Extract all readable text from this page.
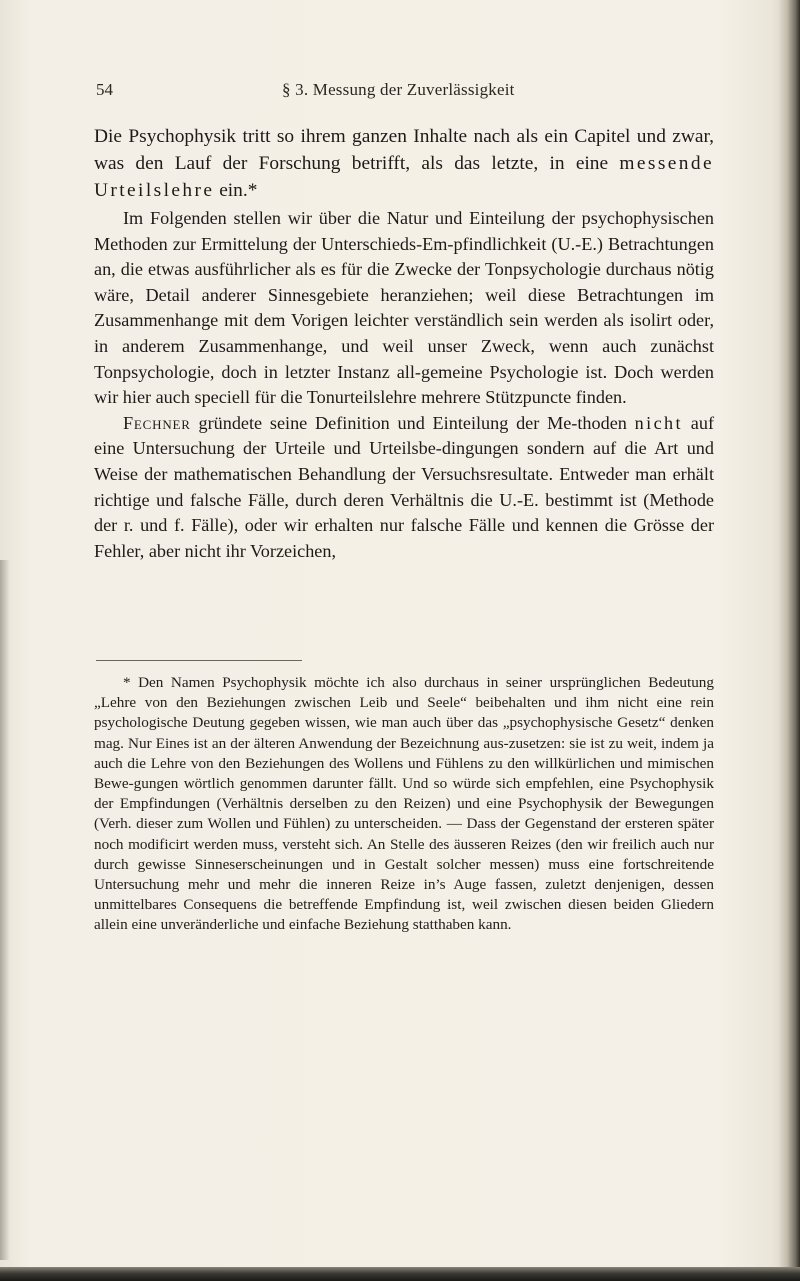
54	§ 3. Messung der Zuverlässigkeit

Die Psychophysik tritt so ihrem ganzen Inhalte nach als ein Capitel und zwar, was den Lauf der Forschung betrifft, als das letzte, in eine messende Urteilslehre ein.*

Im Folgenden stellen wir über die Natur und Einteilung der psychophysischen Methoden zur Ermittelung der Unterschieds-Em-pfindlichkeit (U.-E.) Betrachtungen an, die etwas ausführlicher als es für die Zwecke der Tonpsychologie durchaus nötig wäre, Detail anderer Sinnesgebiete heranziehen; weil diese Betrachtungen im Zusammenhange mit dem Vorigen leichter verständlich sein werden als isolirt oder, in anderem Zusammenhange, und weil unser Zweck, wenn auch zunächst Tonpsychologie, doch in letzter Instanz all-gemeine Psychologie ist. Doch werden wir hier auch speciell für die Tonurteilslehre mehrere Stützpuncte finden.

Fechner gründete seine Definition und Einteilung der Me-thoden nicht auf eine Untersuchung der Urteile und Urteilsbe-dingungen sondern auf die Art und Weise der mathematischen Behandlung der Versuchsresultate. Entweder man erhält richtige und falsche Fälle, durch deren Verhältnis die U.-E. bestimmt ist (Methode der r. und f. Fälle), oder wir erhalten nur falsche Fälle und kennen die Grösse der Fehler, aber nicht ihr Vorzeichen,

* Den Namen Psychophysik möchte ich also durchaus in seiner ursprünglichen Bedeutung „Lehre von den Beziehungen zwischen Leib und Seele“ beibehalten und ihm nicht eine rein psychologische Deutung gegeben wissen, wie man auch über das „psychophysische Gesetz“ denken mag. Nur Eines ist an der älteren Anwendung der Bezeichnung aus-zusetzen: sie ist zu weit, indem ja auch die Lehre von den Beziehungen des Wollens und Fühlens zu den willkürlichen und mimischen Bewe-gungen wörtlich genommen darunter fällt. Und so würde sich empfehlen, eine Psychophysik der Empfindungen (Verhältnis derselben zu den Reizen) und eine Psychophysik der Bewegungen (Verh. dieser zum Wollen und Fühlen) zu unterscheiden. — Dass der Gegenstand der ersteren später noch modificirt werden muss, versteht sich. An Stelle des äusseren Reizes (den wir freilich auch nur durch gewisse Sinneserscheinungen und in Gestalt solcher messen) muss eine fortschreitende Untersuchung mehr und mehr die inneren Reize in’s Auge fassen, zuletzt denjenigen, dessen unmittelbares Consequens die betreffende Empfindung ist, weil zwischen diesen beiden Gliedern allein eine unveränderliche und einfache Beziehung statthaben kann.
